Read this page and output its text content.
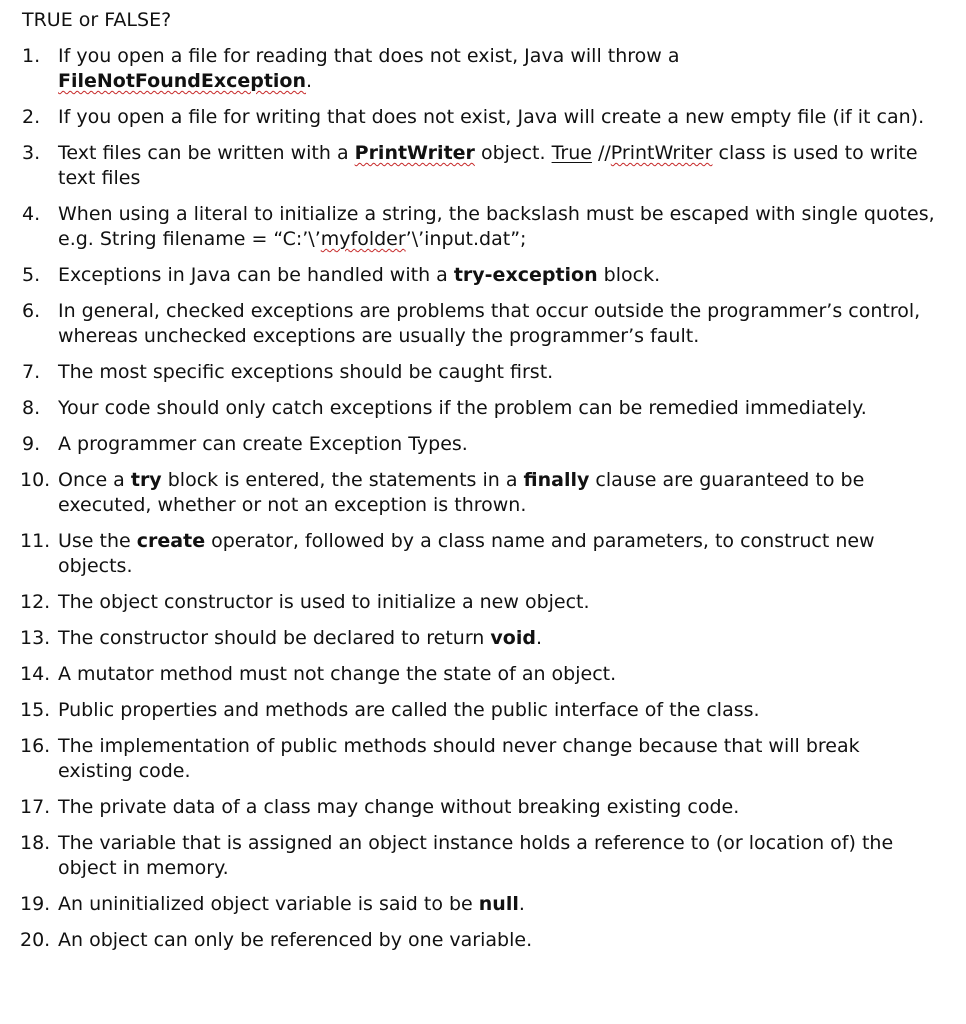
TRUE or FALSE?
1. If you open a file for reading that does not exist, Java will throw a FileNotFoundException.
2. If you open a file for writing that does not exist, Java will create a new empty file (if it can).
3. Text files can be written with a PrintWriter object. True //PrintWriter class is used to write text files
4. When using a literal to initialize a string, the backslash must be escaped with single quotes, e.g. String filename = “C:’\’myfolder’\’input.dat”;
5. Exceptions in Java can be handled with a try-exception block.
6. In general, checked exceptions are problems that occur outside the programmer’s control, whereas unchecked exceptions are usually the programmer’s fault.
7. The most specific exceptions should be caught first.
8. Your code should only catch exceptions if the problem can be remedied immediately.
9. A programmer can create Exception Types.
10. Once a try block is entered, the statements in a finally clause are guaranteed to be executed, whether or not an exception is thrown.
11. Use the create operator, followed by a class name and parameters, to construct new objects.
12. The object constructor is used to initialize a new object.
13. The constructor should be declared to return void.
14. A mutator method must not change the state of an object.
15. Public properties and methods are called the public interface of the class.
16. The implementation of public methods should never change because that will break existing code.
17. The private data of a class may change without breaking existing code.
18. The variable that is assigned an object instance holds a reference to (or location of) the object in memory.
19. An uninitialized object variable is said to be null.
20. An object can only be referenced by one variable.
